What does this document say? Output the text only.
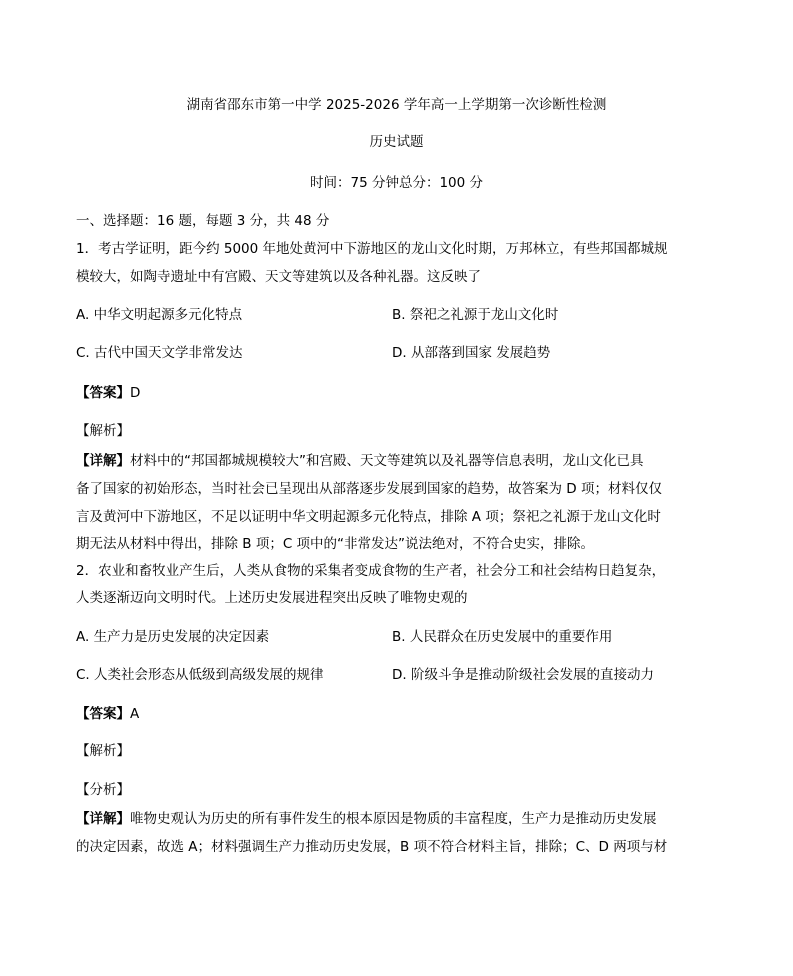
湖南省邵东市第一中学 2025-2026 学年高一上学期第一次诊断性检测
历史试题
时间：75 分钟总分：100 分
一、选择题：16 题，每题 3 分，共 48 分
1．考古学证明，距今约 5000 年地处黄河中下游地区的龙山文化时期，万邦林立，有些邦国都城规
模较大，如陶寺遗址中有宫殿、天文等建筑以及各种礼器。这反映了
A. 中华文明起源多元化特点	B. 祭祀之礼源于龙山文化时
C. 古代中国天文学非常发达	D. 从部落到国家 发展趋势
【答案】D
【解析】
【详解】材料中的“邦国都城规模较大”和宫殿、天文等建筑以及礼器等信息表明，龙山文化已具
备了国家的初始形态，当时社会已呈现出从部落逐步发展到国家的趋势，故答案为 D 项；材料仅仅
言及黄河中下游地区，不足以证明中华文明起源多元化特点，排除 A 项；祭祀之礼源于龙山文化时
期无法从材料中得出，排除 B 项；C 项中的“非常发达”说法绝对，不符合史实，排除。
2．农业和畜牧业产生后，人类从食物的采集者变成食物的生产者，社会分工和社会结构日趋复杂，
人类逐渐迈向文明时代。上述历史发展进程突出反映了唯物史观的
A. 生产力是历史发展的决定因素	B. 人民群众在历史发展中的重要作用
C. 人类社会形态从低级到高级发展的规律	D. 阶级斗争是推动阶级社会发展的直接动力
【答案】A
【解析】
【分析】
【详解】唯物史观认为历史的所有事件发生的根本原因是物质的丰富程度，生产力是推动历史发展
的决定因素，故选 A；材料强调生产力推动历史发展，B 项不符合材料主旨，排除；C、D 两项与材
